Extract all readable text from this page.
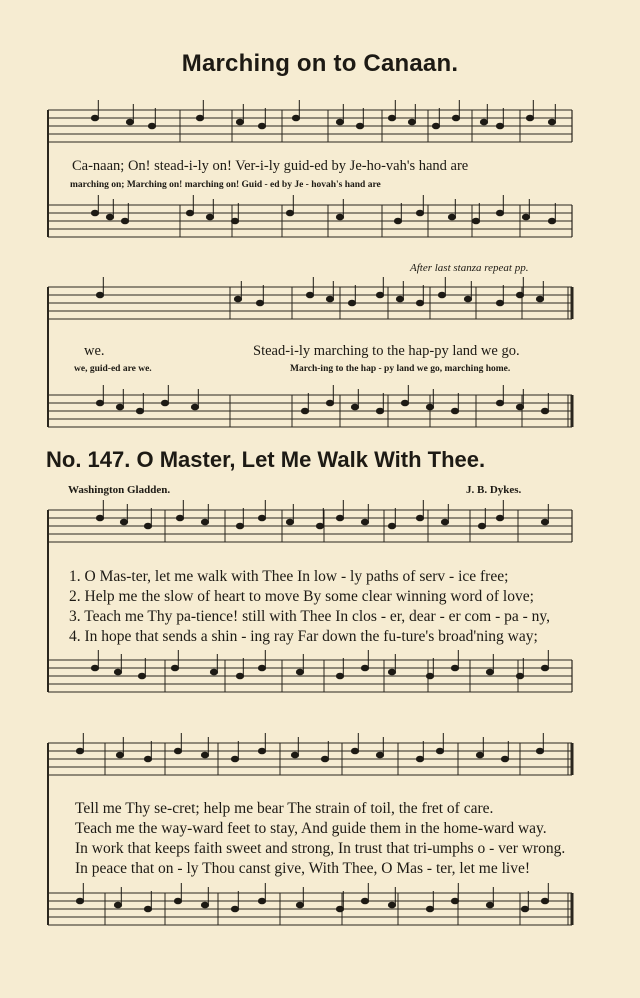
Marching on to Canaan.
Ca-naan; On! stead-i-ly on! Ver-i-ly guid-ed by Je-ho-vah's hand are
marching on; Marching on! marching on! Guid - ed by Je - hovah's hand are
After last stanza repeat pp.
we.	Stead-i-ly marching to the hap-py land we go.
we, guid-ed are we.	March-ing to the hap - py land we go, marching home.
No. 147. O Master, Let Me Walk With Thee.
Washington Gladden.	J. B. Dykes.
1. O Mas-ter, let me walk with Thee In low - ly paths of serv - ice free;
2. Help me the slow of heart to move By some clear winning word of love;
3. Teach me Thy pa-tience! still with Thee In clos - er, dear - er com - pa - ny,
4. In hope that sends a shin - ing ray Far down the fu-ture's broad'ning way;
Tell me Thy se-cret; help me bear The strain of toil, the fret of care.
Teach me the way-ward feet to stay, And guide them in the home-ward way.
In work that keeps faith sweet and strong, In trust that tri-umphs o - ver wrong.
In peace that on - ly Thou canst give, With Thee, O Mas - ter, let me live!
